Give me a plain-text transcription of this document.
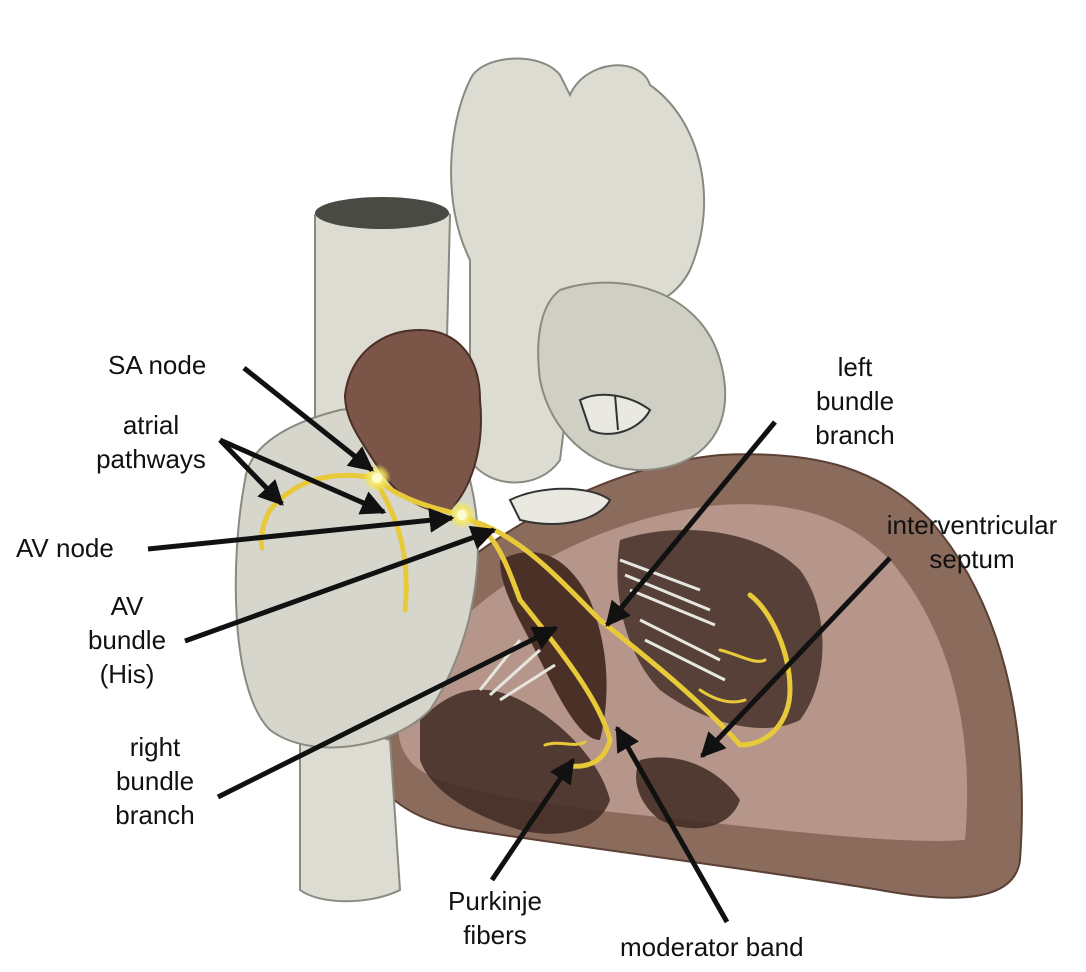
SA node
atrial
pathways
AV node
AV
bundle
(His)
right
bundle
branch
left
bundle
branch
interventricular
septum
Purkinje
fibers	moderator band
